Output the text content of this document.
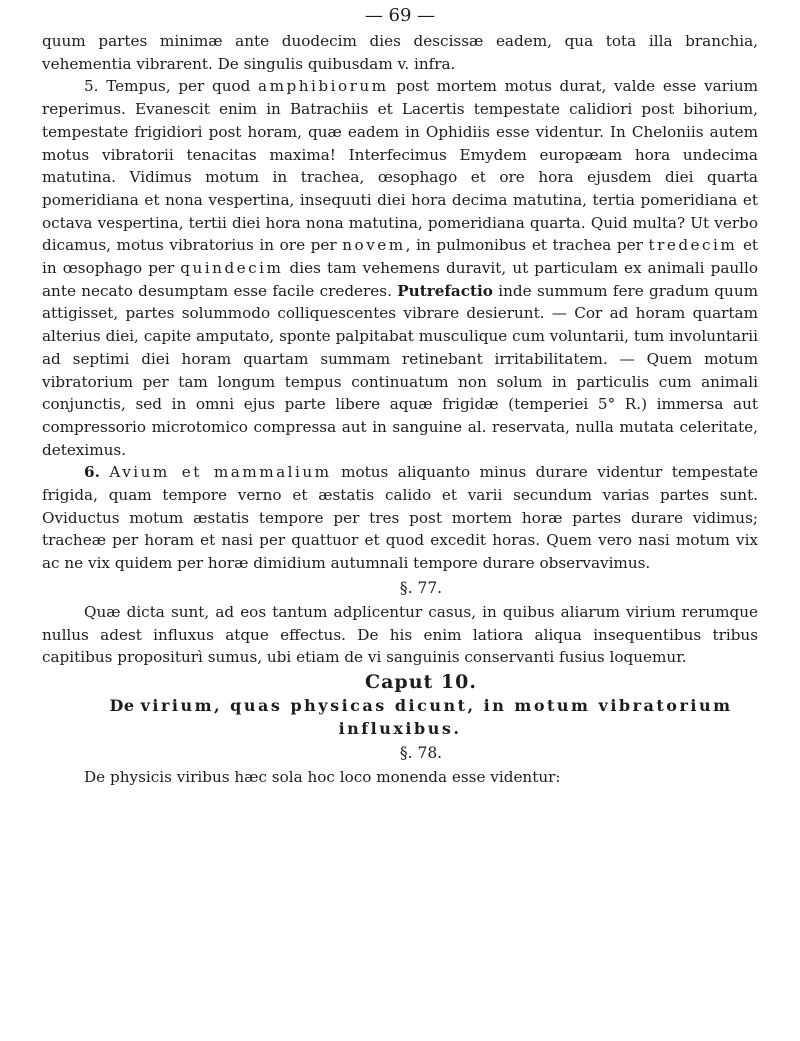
— 69 —

quum partes minimæ ante duodecim dies descissæ eadem, qua tota illa branchia, vehementia vibrarent. De singulis quibusdam v. infra.

5. Tempus, per quod amphibiorum post mortem motus durat, valde esse varium reperimus. Evanescit enim in Batrachiis et Lacertis tempestate calidiori post bihorium, tempestate frigidiori post horam, quæ eadem in Ophidiis esse videntur. In Cheloniis autem motus vibratorii tenacitas maxima! Interfecimus Emydem europæam hora undecima matutina. Vidimus motum in trachea, œsophago et ore hora ejusdem diei quarta pomeridiana et nona vespertina, insequuti diei hora decima matutina, tertia pomeridiana et octava vespertina, tertii diei hora nona matutina, pomeridiana quarta. Quid multa? Ut verbo dicamus, motus vibratorius in ore per novem, in pulmonibus et trachea per tredecim et in œsophago per quindecim dies tam vehemens duravit, ut particulam ex animali paullo ante necato desumptam esse facile crederes. Putrefactio inde summum fere gradum quum attigisset, partes solummodo colliquescentes vibrare desierunt. — Cor ad horam quartam alterius diei, capite amputato, sponte palpitabat musculique cum voluntarii, tum involuntarii ad septimi diei horam quartam summam retinebant irritabilitatem. — Quem motum vibratorium per tam longum tempus continuatum non solum in particulis cum animali conjunctis, sed in omni ejus parte libere aquæ frigidæ (temperiei 5° R.) immersa aut compressorio microtomico compressa aut in sanguine al. reservata, nulla mutata celeritate, deteximus.

6. Avium et mammalium motus aliquanto minus durare videntur tempestate frigida, quam tempore verno et æstatis calido et varii secundum varias partes sunt. Oviductus motum æstatis tempore per tres post mortem horæ partes durare vidimus; tracheæ per horam et nasi per quattuor et quod excedit horas. Quem vero nasi motum vix ac ne vix quidem per horæ dimidium autumnali tempore durare observavimus.

§. 77.

Quæ dicta sunt, ad eos tantum adplicentur casus, in quibus aliarum virium rerumque nullus adest influxus atque effectus. De his enim latiora aliqua insequentibus tribus capitibus propositurì sumus, ubi etiam de vi sanguinis conservanti fusius loquemur.

Caput 10.

De virium, quas physicas dicunt, in motum vibratorium influxibus.

§. 78.

De physicis viribus hæc sola hoc loco monenda esse videntur:
